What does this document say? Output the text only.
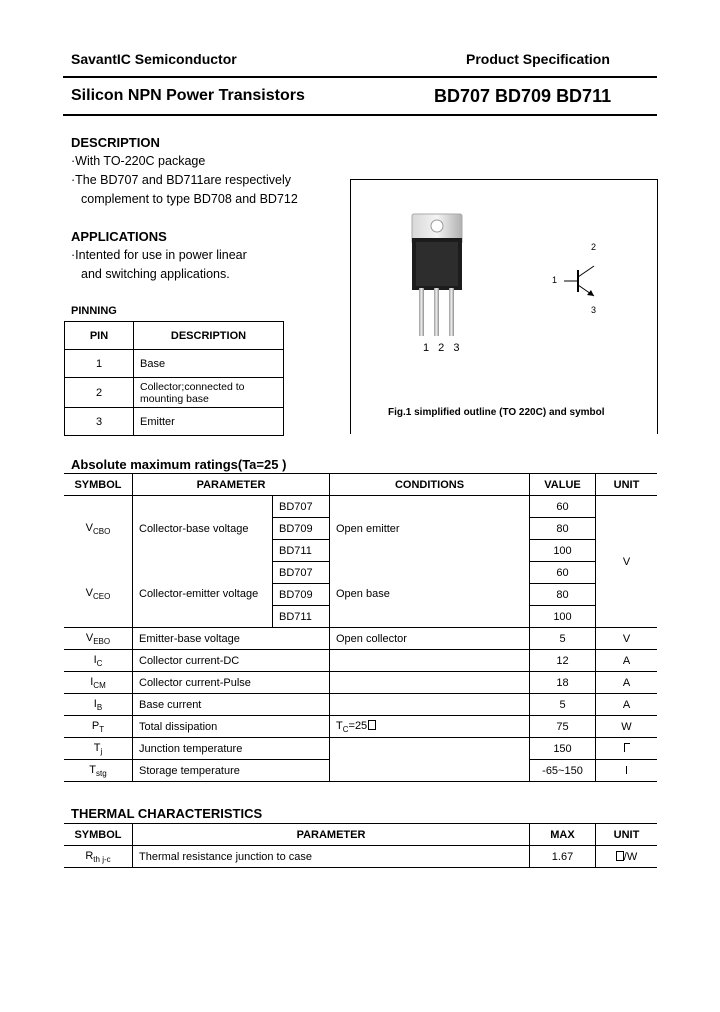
SavantIC Semiconductor	Product Specification
Silicon NPN Power Transistors	BD707 BD709 BD711
DESCRIPTION
·With TO-220C package
·The BD707 and BD711are respectively
complement to type BD708 and BD712
APPLICATIONS
·Intented for use in power linear
and switching applications.
PINNING
PIN	DESCRIPTION
1	Base
2	Collector;connected to mounting base
3	Emitter
1 2 3
1
2
3
Fig.1 simplified outline (TO 220C) and symbol
Absolute maximum ratings(Ta=25 )
SYMBOL	PARAMETER		CONDITIONS	VALUE	UNIT
$V_{CBO}$	Collector-base voltage	BD707	Open emitter	60	V
		BD709		80	
		BD711		100	
$V_{CEO}$	Collector-emitter voltage	BD707	Open base	60	
		BD709		80	
		BD711		100	
$V_{EBO}$	Emitter-base voltage		Open collector	5	V
$I_C$	Collector current-DC			12	A
$I_{CM}$	Collector current-Pulse			18	A
$I_B$	Base current			5	A
$P_T$	Total dissipation		$T_C=25$	75	W
$T_j$	Junction temperature			150	
$T_{stg}$	Storage temperature			-65~150	
THERMAL CHARACTERISTICS
SYMBOL	PARAMETER	MAX	UNIT
$R_{th j-c}$	Thermal resistance junction to case	1.67	/W
